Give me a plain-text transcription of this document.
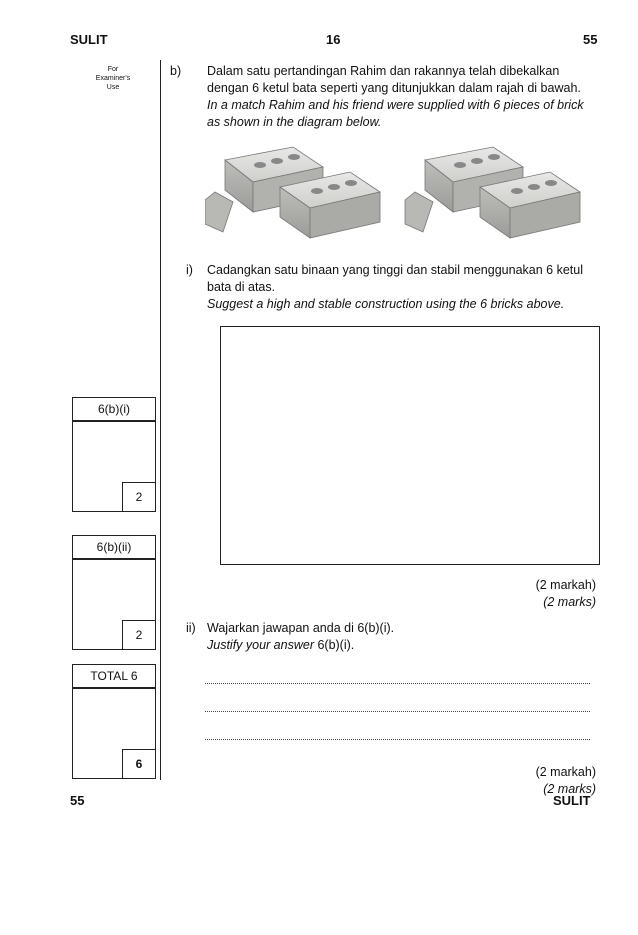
SULIT	16	55
For
Examiner's
Use
b) Dalam satu pertandingan Rahim dan rakannya telah dibekalkan
dengan 6 ketul bata seperti yang ditunjukkan dalam rajah di bawah.
In a match Rahim and his friend were supplied with 6 pieces of brick
as shown in the diagram below.
i) Cadangkan satu binaan yang tinggi dan stabil menggunakan 6 ketul
bata di atas.
Suggest a high and stable construction using the 6 bricks above.
(2 markah)
(2 marks)
ii) Wajarkan jawapan anda di 6(b)(i).
Justify your answer 6(b)(i).
(2 markah)
(2 marks)
6(b)(i)
2
6(b)(ii)
2
TOTAL 6
6
55	SULIT
